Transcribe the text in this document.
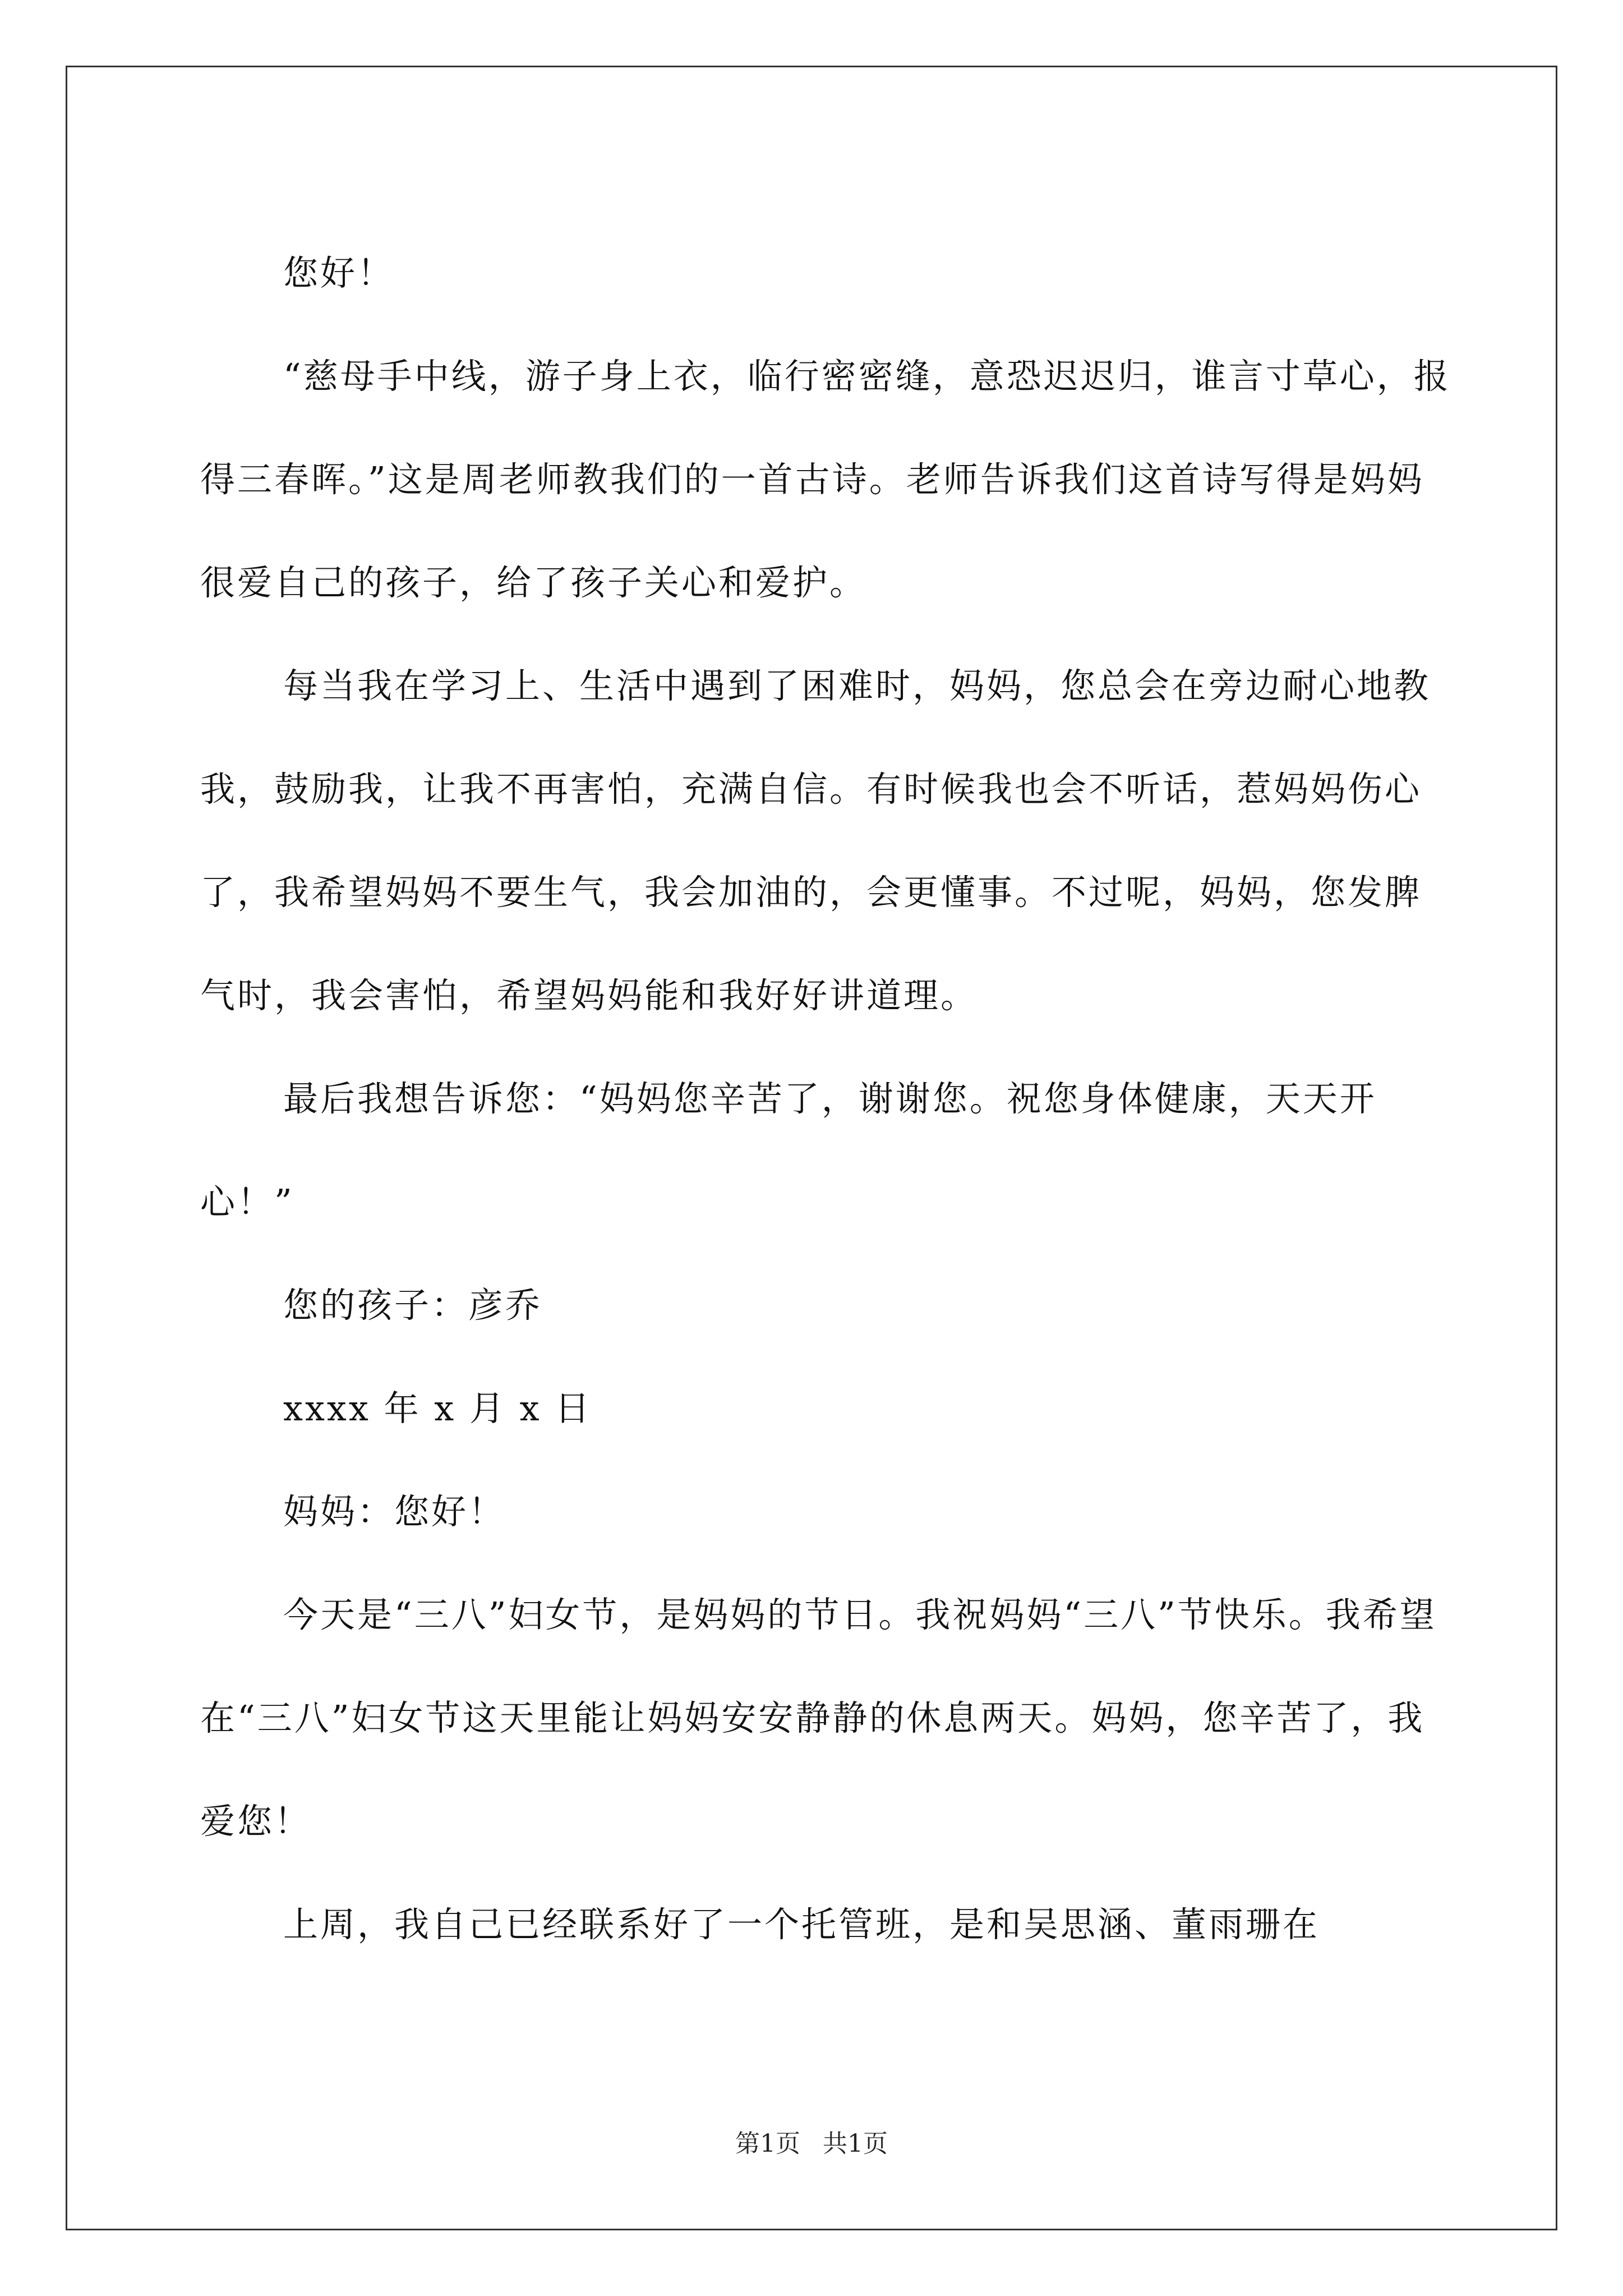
您好！

“慈母手中线，游子身上衣，临行密密缝，意恐迟迟归，谁言寸草心，报得三春晖。”这是周老师教我们的一首古诗。老师告诉我们这首诗写得是妈妈很爱自己的孩子，给了孩子关心和爱护。

每当我在学习上、生活中遇到了困难时，妈妈，您总会在旁边耐心地教我，鼓励我，让我不再害怕，充满自信。有时候我也会不听话，惹妈妈伤心了，我希望妈妈不要生气，我会加油的，会更懂事。不过呢，妈妈，您发脾气时，我会害怕，希望妈妈能和我好好讲道理。

最后我想告诉您：“妈妈您辛苦了，谢谢您。祝您身体健康，天天开心！”

您的孩子：彦乔

xxxx 年 x 月 x 日

妈妈：您好！

今天是“三八”妇女节，是妈妈的节日。我祝妈妈“三八”节快乐。我希望在“三八”妇女节这天里能让妈妈安安静静的休息两天。妈妈，您辛苦了，我爱您！

上周，我自己已经联系好了一个托管班，是和吴思涵、董雨珊在

第1页 共1页
